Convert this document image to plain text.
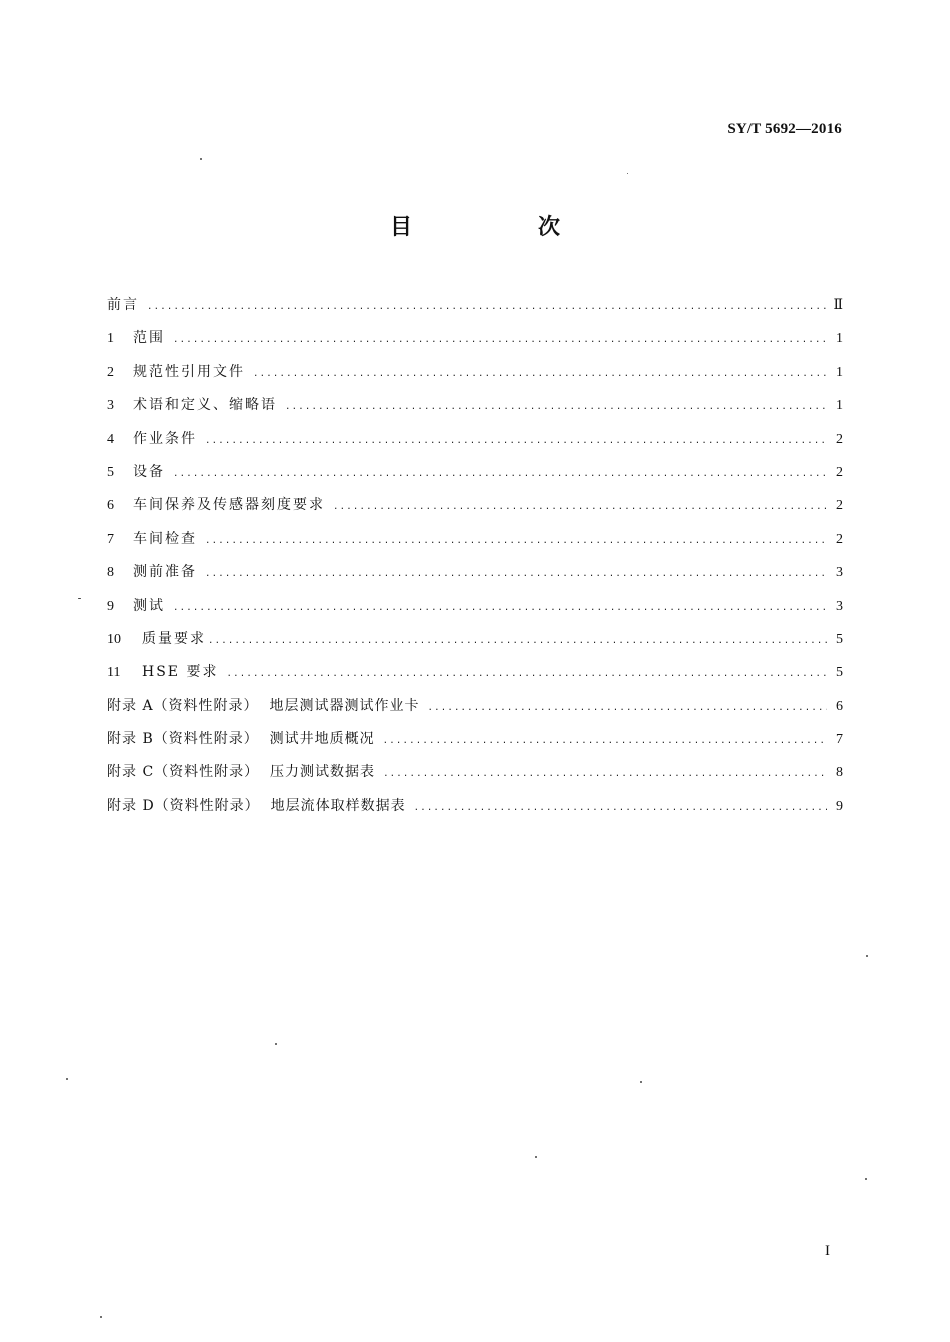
SY/T 5692—2016
目　次
前言 .....	Ⅱ
1	范围 .....	1
2	规范性引用文件 .....	1
3	术语和定义、缩略语 .....	1
4	作业条件 .....	2
5	设备 .....	2
6	车间保养及传感器刻度要求 .....	2
7	车间检查 .....	2
8	测前准备 .....	3
9	测试 .....	3
10	质量要求 .....	5
11	HSE 要求 .....	5
附录 A（资料性附录）  地层测试器测试作业卡 .....	6
附录 B（资料性附录）  测试井地质概况 .....	7
附录 C（资料性附录）  压力测试数据表 .....	8
附录 D（资料性附录）  地层流体取样数据表 .....	9
I
